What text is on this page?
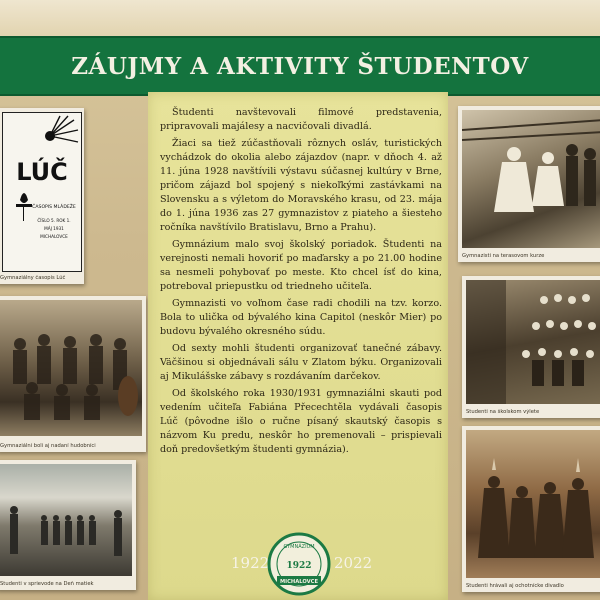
ZÁUJMY A AKTIVITY ŠTUDENTOV
LÚČ
ČASOPIS MLÁDEŽE
ČÍSLO 5. ROK 1.
MÁJ 1931
MICHALOVCE
Gymnaziálny časopis Lúč
Gymnaziálni boli aj nadaní hudobníci
Študenti v sprievode na Deň matiek

Študenti navštevovali filmové predstavenia, pripravovali majálesy a nacvičovali divadlá.

Žiaci sa tiež zúčastňovali rôznych osláv, turistických vychádzok do okolia alebo zájazdov (napr. v dňoch 4. až 11. júna 1928 navštívili výstavu súčasnej kultúry v Brne, pričom zájazd bol spojený s niekoľkými zastávkami na Slovensku a s výletom do Moravského krasu, od 23. mája do 1. júna 1936 zas 27 gymnazistov z piateho a šiesteho ročníka navštívilo Bratislavu, Brno a Prahu).

Gymnázium malo svoj školský poriadok. Študenti na verejnosti nemali hovoriť po maďarsky a po 21.00 hodine sa nesmeli pohybovať po meste. Kto chcel ísť do kina, potreboval priepustku od triedneho učiteľa.

Gymnazisti vo voľnom čase radi chodili na tzv. korzo. Bola to ulička od bývalého kina Capitol (neskôr Mier) po budovu bývalého okresného súdu.

Od sexty mohli študenti organizovať tanečné zábavy. Väčšinou si objednávali sálu v Zlatom býku. Organizovali aj Mikulášske zábavy s rozdávaním darčekov.

Od školského roka 1930/1931 gymnaziálni skauti pod vedením učiteľa Fabiána Přecechtěla vydávali časopis Lúč (pôvodne išlo o ručne písaný skautský časopis s názvom Ku predu, neskôr ho premenovali – prispievali doň predovšetkým študenti gymnázia).

1922	2022
GYMNÁZIUM
1922
MICHALOVCE
Gymnazisti na terasovom kurze
Študenti na školskom výlete
Študenti hrávali aj ochotnícke divadlo
